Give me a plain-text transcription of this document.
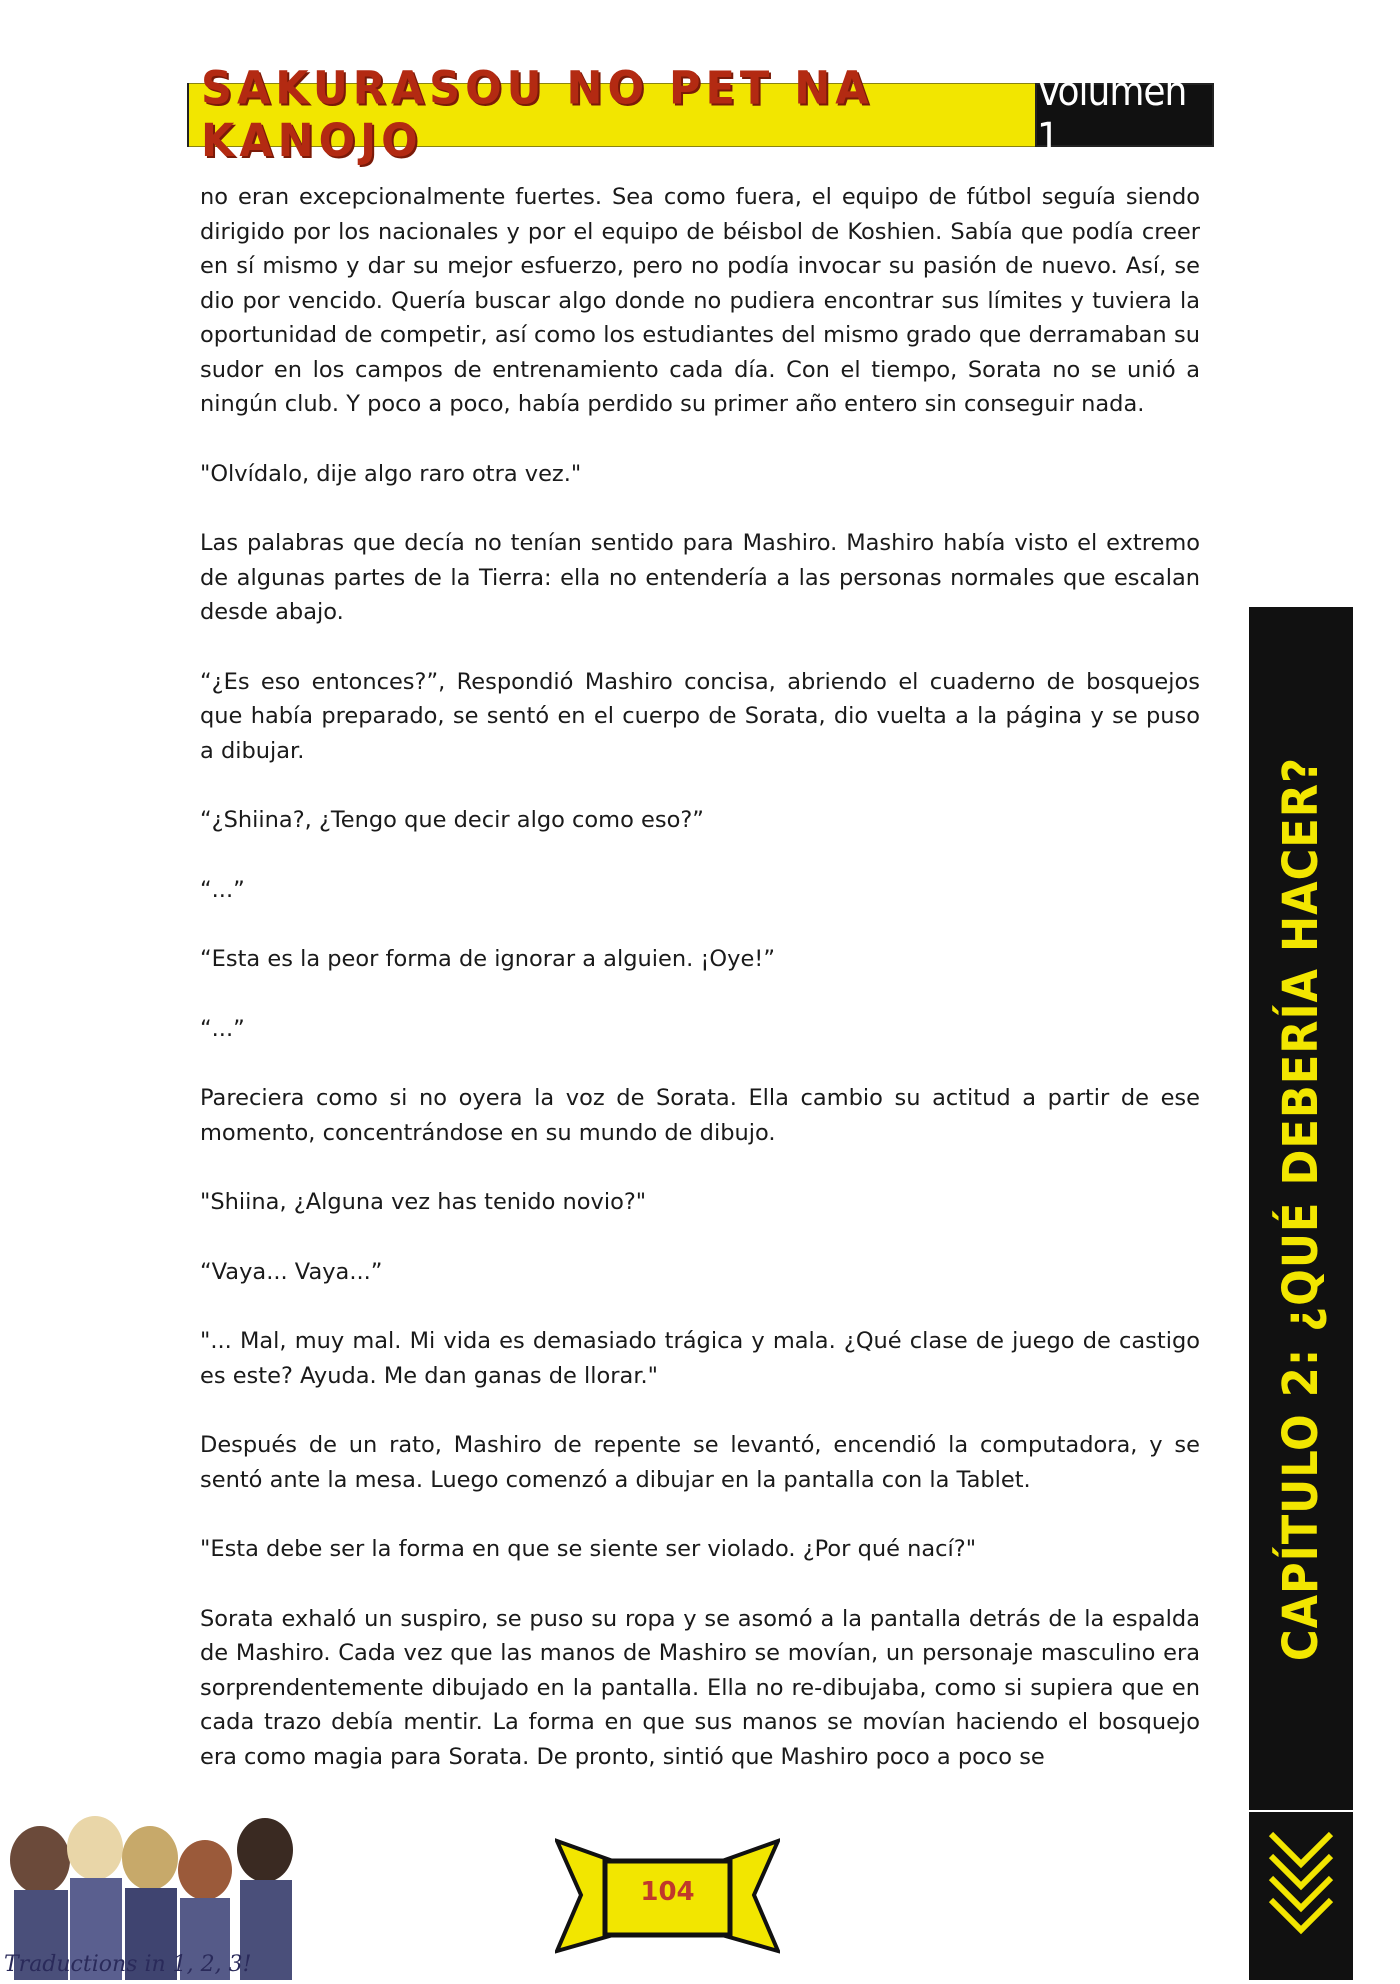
SAKURASOU NO PET NA KANOJO
Volumen 1

no eran excepcionalmente fuertes. Sea como fuera, el equipo de fútbol seguía siendo dirigido por los nacionales y por el equipo de béisbol de Koshien. Sabía que podía creer en sí mismo y dar su mejor esfuerzo, pero no podía invocar su pasión de nuevo. Así, se dio por vencido. Quería buscar algo donde no pudiera encontrar sus límites y tuviera la oportunidad de competir, así como los estudiantes del mismo grado que derramaban su sudor en los campos de entrenamiento cada día. Con el tiempo, Sorata no se unió a ningún club. Y poco a poco, había perdido su primer año entero sin conseguir nada.

"Olvídalo, dije algo raro otra vez."

Las palabras que decía no tenían sentido para Mashiro. Mashiro había visto el extremo de algunas partes de la Tierra: ella no entendería a las personas normales que escalan desde abajo.

“¿Es eso entonces?”, Respondió Mashiro concisa, abriendo el cuaderno de bosquejos que había preparado, se sentó en el cuerpo de Sorata, dio vuelta a la página y se puso a dibujar.

“¿Shiina?, ¿Tengo que decir algo como eso?”

“...”

“Esta es la peor forma de ignorar a alguien. ¡Oye!”

“...”

Pareciera como si no oyera la voz de Sorata. Ella cambio su actitud a partir de ese momento, concentrándose en su mundo de dibujo.

"Shiina, ¿Alguna vez has tenido novio?"

“Vaya... Vaya...”

"... Mal, muy mal. Mi vida es demasiado trágica y mala. ¿Qué clase de juego de castigo es este? Ayuda. Me dan ganas de llorar."

Después de un rato, Mashiro de repente se levantó, encendió la computadora, y se sentó ante la mesa. Luego comenzó a dibujar en la pantalla con la Tablet.

"Esta debe ser la forma en que se siente ser violado. ¿Por qué nací?"

Sorata exhaló un suspiro, se puso su ropa y se asomó a la pantalla detrás de la espalda de Mashiro. Cada vez que las manos de Mashiro se movían, un personaje masculino era sorprendentemente dibujado en la pantalla. Ella no re-dibujaba, como si supiera que en cada trazo debía mentir. La forma en que sus manos se movían haciendo el bosquejo era como magia para Sorata. De pronto, sintió que Mashiro poco a poco se

CAPÍTULO 2: ¿QUÉ DEBERÍA HACER?
104
Traductions in 1, 2, 3!
